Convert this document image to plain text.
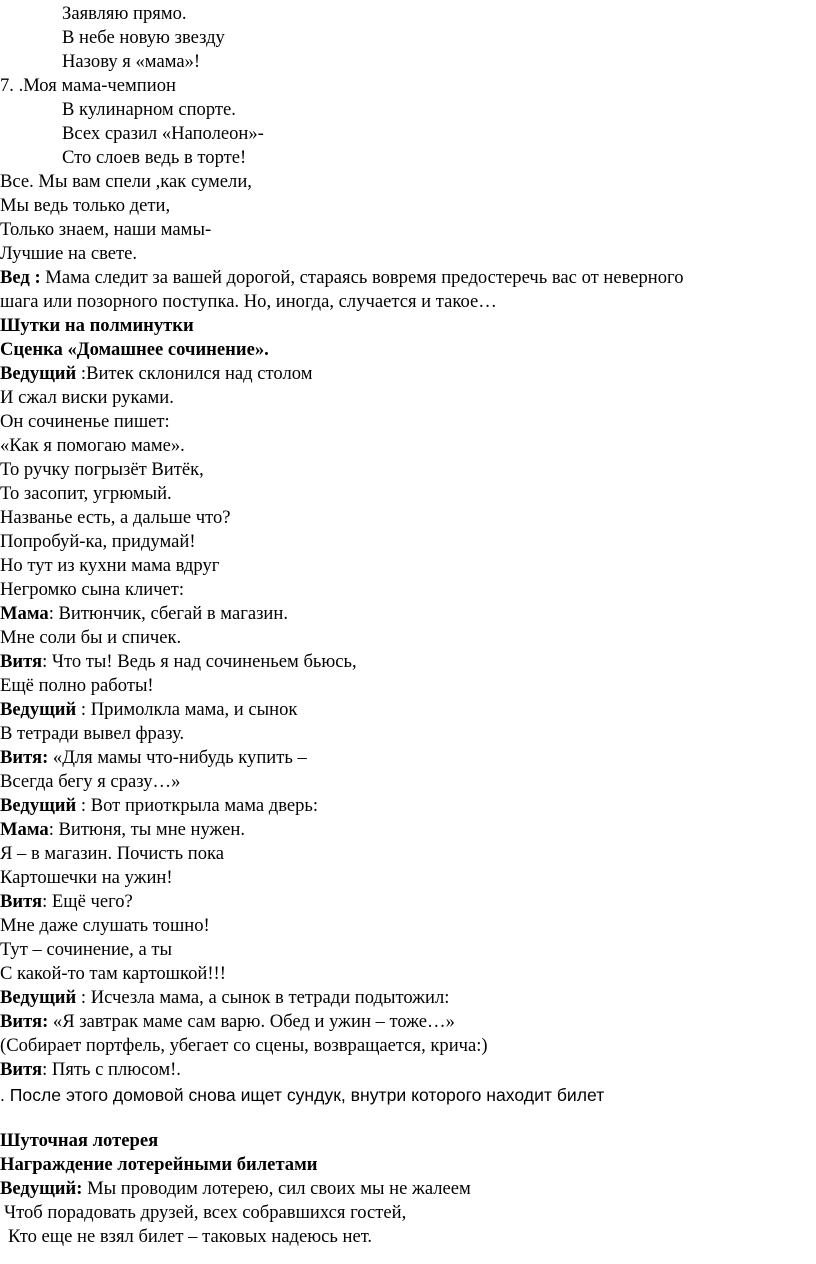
Заявляю прямо.
В небе новую звезду
Назову я «мама»!
7. .Моя мама-чемпион
В кулинарном спорте.
Всех сразил «Наполеон»-
Сто слоев ведь в торте!
Все. Мы вам спели ,как сумели,
Мы ведь только дети,
Только знаем, наши мамы-
Лучшие на свете.
Вед : Мама следит за вашей дорогой, стараясь вовремя предостеречь вас от неверного
шага или позорного поступка. Но, иногда, случается и такое…
Шутки на полминутки
Сценка «Домашнее сочинение».
Ведущий :Витек склонился над столом
И сжал виски руками.
Он сочиненье пишет:
«Как я помогаю маме».
То ручку погрызёт Витёк,
То засопит, угрюмый.
Названье есть, а дальше что?
Попробуй-ка, придумай!
Но тут из кухни мама вдруг
Негромко сына кличет:
Мама: Витюнчик, сбегай в магазин.
Мне соли бы и спичек.
Витя: Что ты! Ведь я над сочиненьем бьюсь,
Ещё полно работы!
Ведущий : Примолкла мама, и сынок
В тетради вывел фразу.
Витя: «Для мамы что-нибудь купить –
Всегда бегу я сразу…»
Ведущий : Вот приоткрыла мама дверь:
Мама: Витюня, ты мне нужен.
Я – в магазин. Почисть пока
Картошечки на ужин!
Витя: Ещё чего?
Мне даже слушать тошно!
Тут – сочинение, а ты
С какой-то там картошкой!!!
Ведущий : Исчезла мама, а сынок в тетради подытожил:
Витя: «Я завтрак маме сам варю. Обед и ужин – тоже…»
(Собирает портфель, убегает со сцены, возвращается, крича:)
Витя: Пять с плюсом!.
. После этого домовой снова ищет сундук, внутри которого находит билет
Шуточная лотерея
Награждение лотерейными билетами
Ведущий: Мы проводим лотерею, сил своих мы не жалеем
Чтоб порадовать друзей, всех собравшихся гостей,
Кто еще не взял билет – таковых надеюсь нет.
